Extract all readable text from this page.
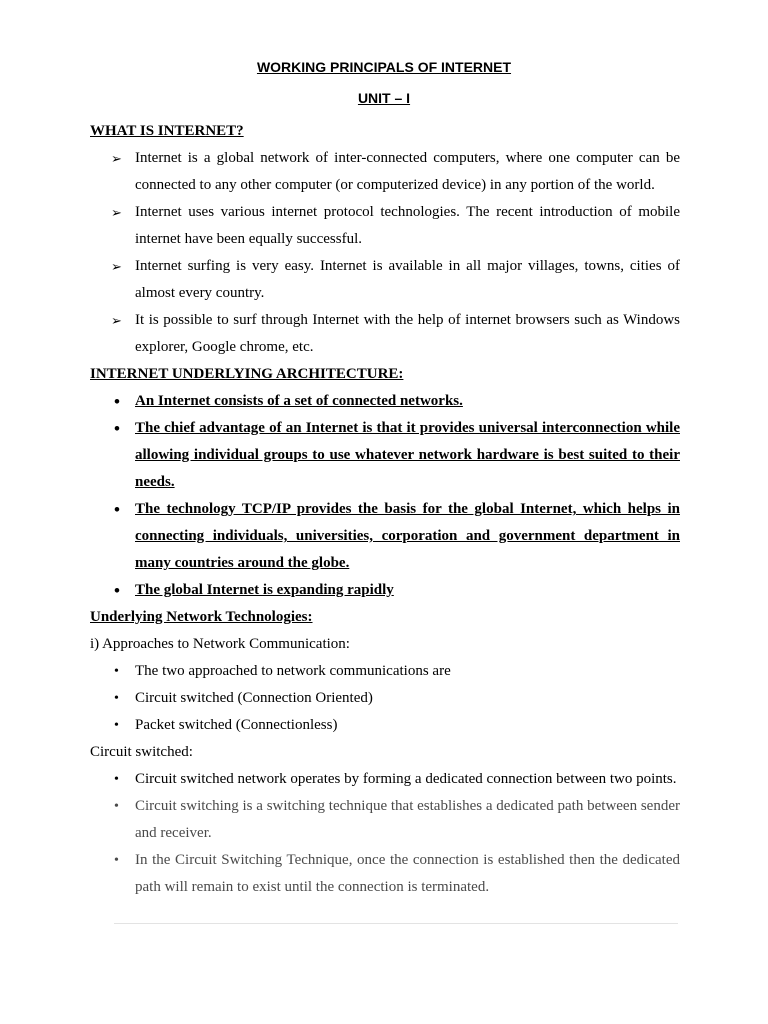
WORKING PRINCIPALS OF INTERNET
UNIT – I
WHAT IS INTERNET?
➢ Internet is a global network of inter-connected computers, where one computer can be connected to any other computer (or computerized device) in any portion of the world.
➢ Internet uses various internet protocol technologies. The recent introduction of mobile internet have been equally successful.
➢ Internet surfing is very easy. Internet is available in all major villages, towns, cities of almost every country.
➢ It is possible to surf through Internet with the help of internet browsers such as Windows explorer, Google chrome, etc.
INTERNET UNDERLYING ARCHITECTURE:
• An Internet consists of a set of connected networks.
• The chief advantage of an Internet is that it provides universal interconnection while allowing individual groups to use whatever network hardware is best suited to their needs.
• The technology TCP/IP provides the basis for the global Internet, which helps in connecting individuals, universities, corporation and government department in many countries around the globe.
• The global Internet is expanding rapidly
Underlying Network Technologies:
i) Approaches to Network Communication:
• The two approached to network communications are
• Circuit switched (Connection Oriented)
• Packet switched (Connectionless)
Circuit switched:
• Circuit switched network operates by forming a dedicated connection between two points.
• Circuit switching is a switching technique that establishes a dedicated path between sender and receiver.
• In the Circuit Switching Technique, once the connection is established then the dedicated path will remain to exist until the connection is terminated.
